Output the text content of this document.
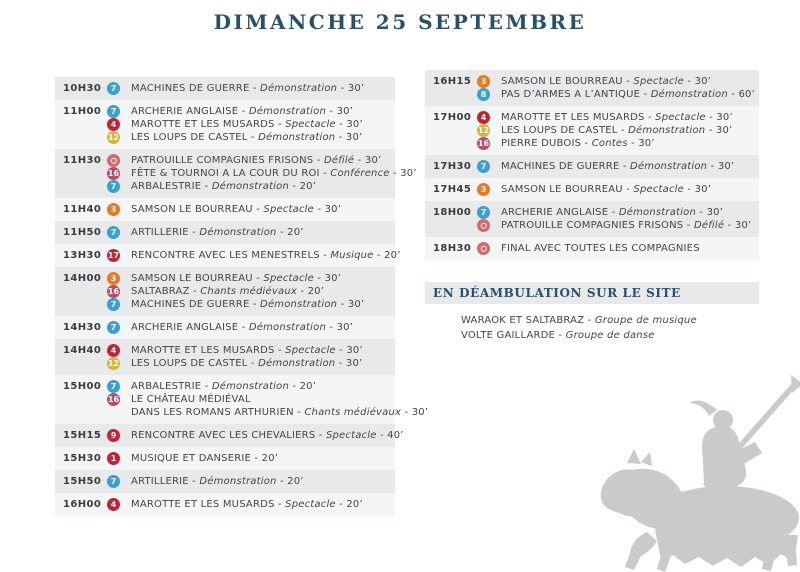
DIMANCHE 25 SEPTEMBRE
10H30	7	MACHINES DE GUERRE - Démonstration - 30’
11H00	7	ARCHERIE ANGLAISE - Démonstration - 30’
4	MAROTTE ET LES MUSARDS - Spectacle - 30’
12 LES LOUPS DE CASTEL - Démonstration - 30’
11H30	PATROUILLE COMPAGNIES FRISONS - Défilé - 30’
16 FÊTE & TOURNOI A LA COUR DU ROI - Conférence - 30’
7	ARBALESTRIE - Démonstration - 20’
11H40	3	SAMSON LE BOURREAU - Spectacle - 30’
11H50	7	ARTILLERIE - Démonstration - 20’
13H30 17 RENCONTRE AVEC LES MENESTRELS - Musique - 20’
14H00	3	SAMSON LE BOURREAU - Spectacle - 30’
16 SALTABRAZ - Chants médiévaux - 20’
7	MACHINES DE GUERRE - Démonstration - 30’
14H30	7	ARCHERIE ANGLAISE - Démonstration - 30’
14H40	4	MAROTTE ET LES MUSARDS - Spectacle - 30’
12 LES LOUPS DE CASTEL - Démonstration - 30’
15H00	7	ARBALESTRIE - Démonstration - 20’
16 LE CHÂTEAU MÉDIÉVAL
DANS LES ROMANS ARTHURIEN - Chants médiévaux - 30’
15H15	9	RENCONTRE AVEC LES CHEVALIERS - Spectacle - 40’
15H30	1	MUSIQUE ET DANSERIE - 20’
15H50	7	ARTILLERIE - Démonstration - 20’
16H00	4	MAROTTE ET LES MUSARDS - Spectacle - 20’
16H15	3	SAMSON LE BOURREAU - Spectacle - 30’
8	PAS D’ARMES A L’ANTIQUE - Démonstration - 60’
17H00	4	MAROTTE ET LES MUSARDS - Spectacle - 30’
12 LES LOUPS DE CASTEL - Démonstration - 30’
16 PIERRE DUBOIS - Contes - 30’
17H30	7	MACHINES DE GUERRE - Démonstration - 30’
17H45	3	SAMSON LE BOURREAU - Spectacle - 30’
18H00	7	ARCHERIE ANGLAISE - Démonstration - 30’
PATROUILLE COMPAGNIES FRISONS - Défilé - 30’
18H30	FINAL AVEC TOUTES LES COMPAGNIES
EN DÉAMBULATION SUR LE SITE
WARAOK ET SALTABRAZ - Groupe de musique
VOLTE GAILLARDE - Groupe de danse
